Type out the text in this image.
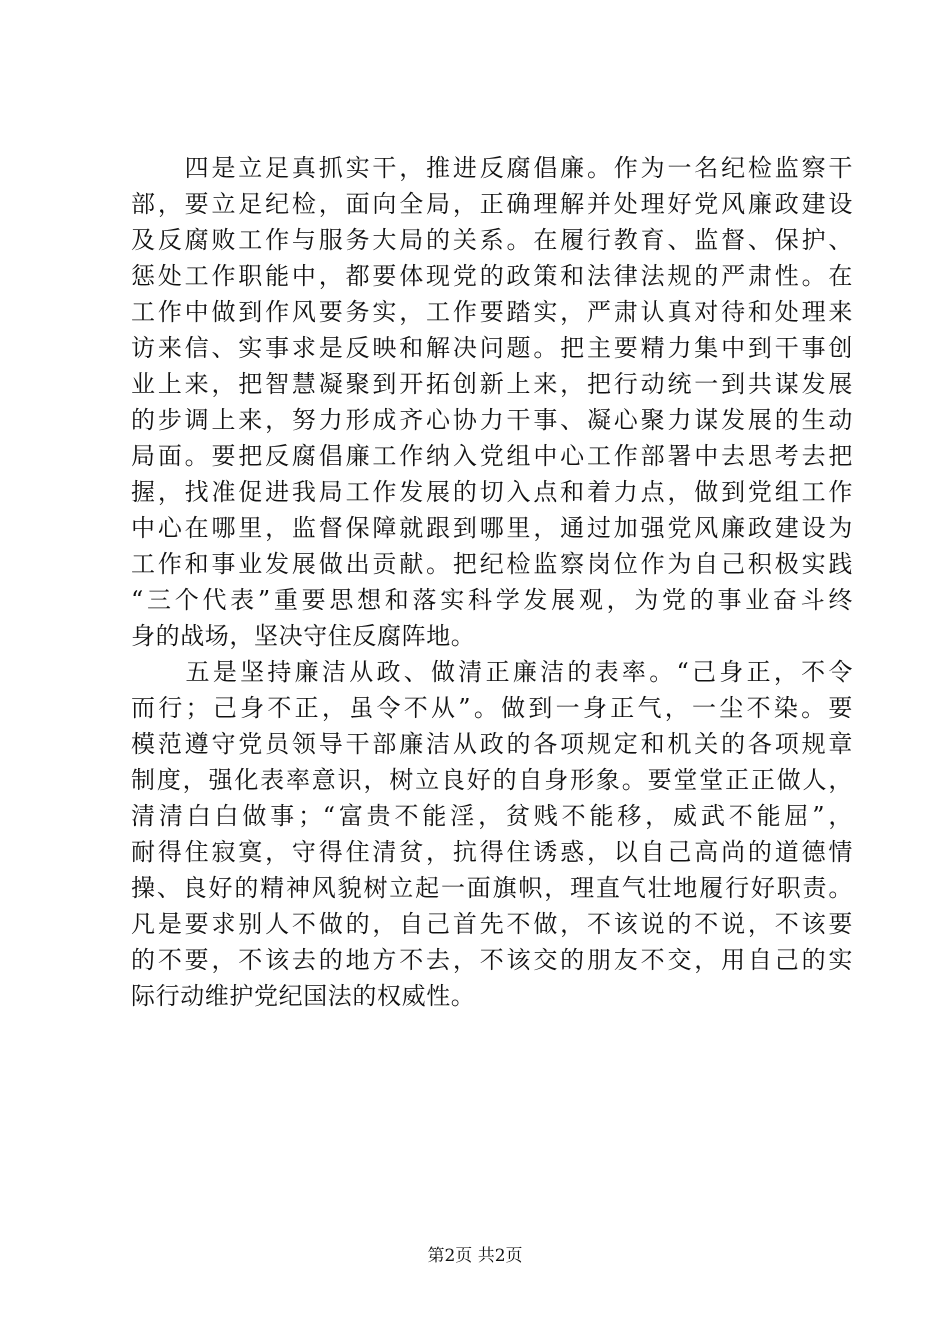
　　四是立足真抓实干，推进反腐倡廉。作为一名纪检监察干
部，要立足纪检，面向全局，正确理解并处理好党风廉政建设
及反腐败工作与服务大局的关系。在履行教育、监督、保护、
惩处工作职能中，都要体现党的政策和法律法规的严肃性。在
工作中做到作风要务实，工作要踏实，严肃认真对待和处理来
访来信、实事求是反映和解决问题。把主要精力集中到干事创
业上来，把智慧凝聚到开拓创新上来，把行动统一到共谋发展
的步调上来，努力形成齐心协力干事、凝心聚力谋发展的生动
局面。要把反腐倡廉工作纳入党组中心工作部署中去思考去把
握，找准促进我局工作发展的切入点和着力点，做到党组工作
中心在哪里，监督保障就跟到哪里，通过加强党风廉政建设为
工作和事业发展做出贡献。把纪检监察岗位作为自己积极实践
“三个代表”重要思想和落实科学发展观，为党的事业奋斗终
身的战场，坚决守住反腐阵地。
　　五是坚持廉洁从政、做清正廉洁的表率。“己身正，不令
而行；己身不正，虽令不从”。做到一身正气，一尘不染。要
模范遵守党员领导干部廉洁从政的各项规定和机关的各项规章
制度，强化表率意识，树立良好的自身形象。要堂堂正正做人，
清清白白做事；“富贵不能淫，贫贱不能移，威武不能屈”，
耐得住寂寞，守得住清贫，抗得住诱惑，以自己高尚的道德情
操、良好的精神风貌树立起一面旗帜，理直气壮地履行好职责。
凡是要求别人不做的，自己首先不做，不该说的不说，不该要
的不要，不该去的地方不去，不该交的朋友不交，用自己的实
际行动维护党纪国法的权威性。
第2页 共2页
